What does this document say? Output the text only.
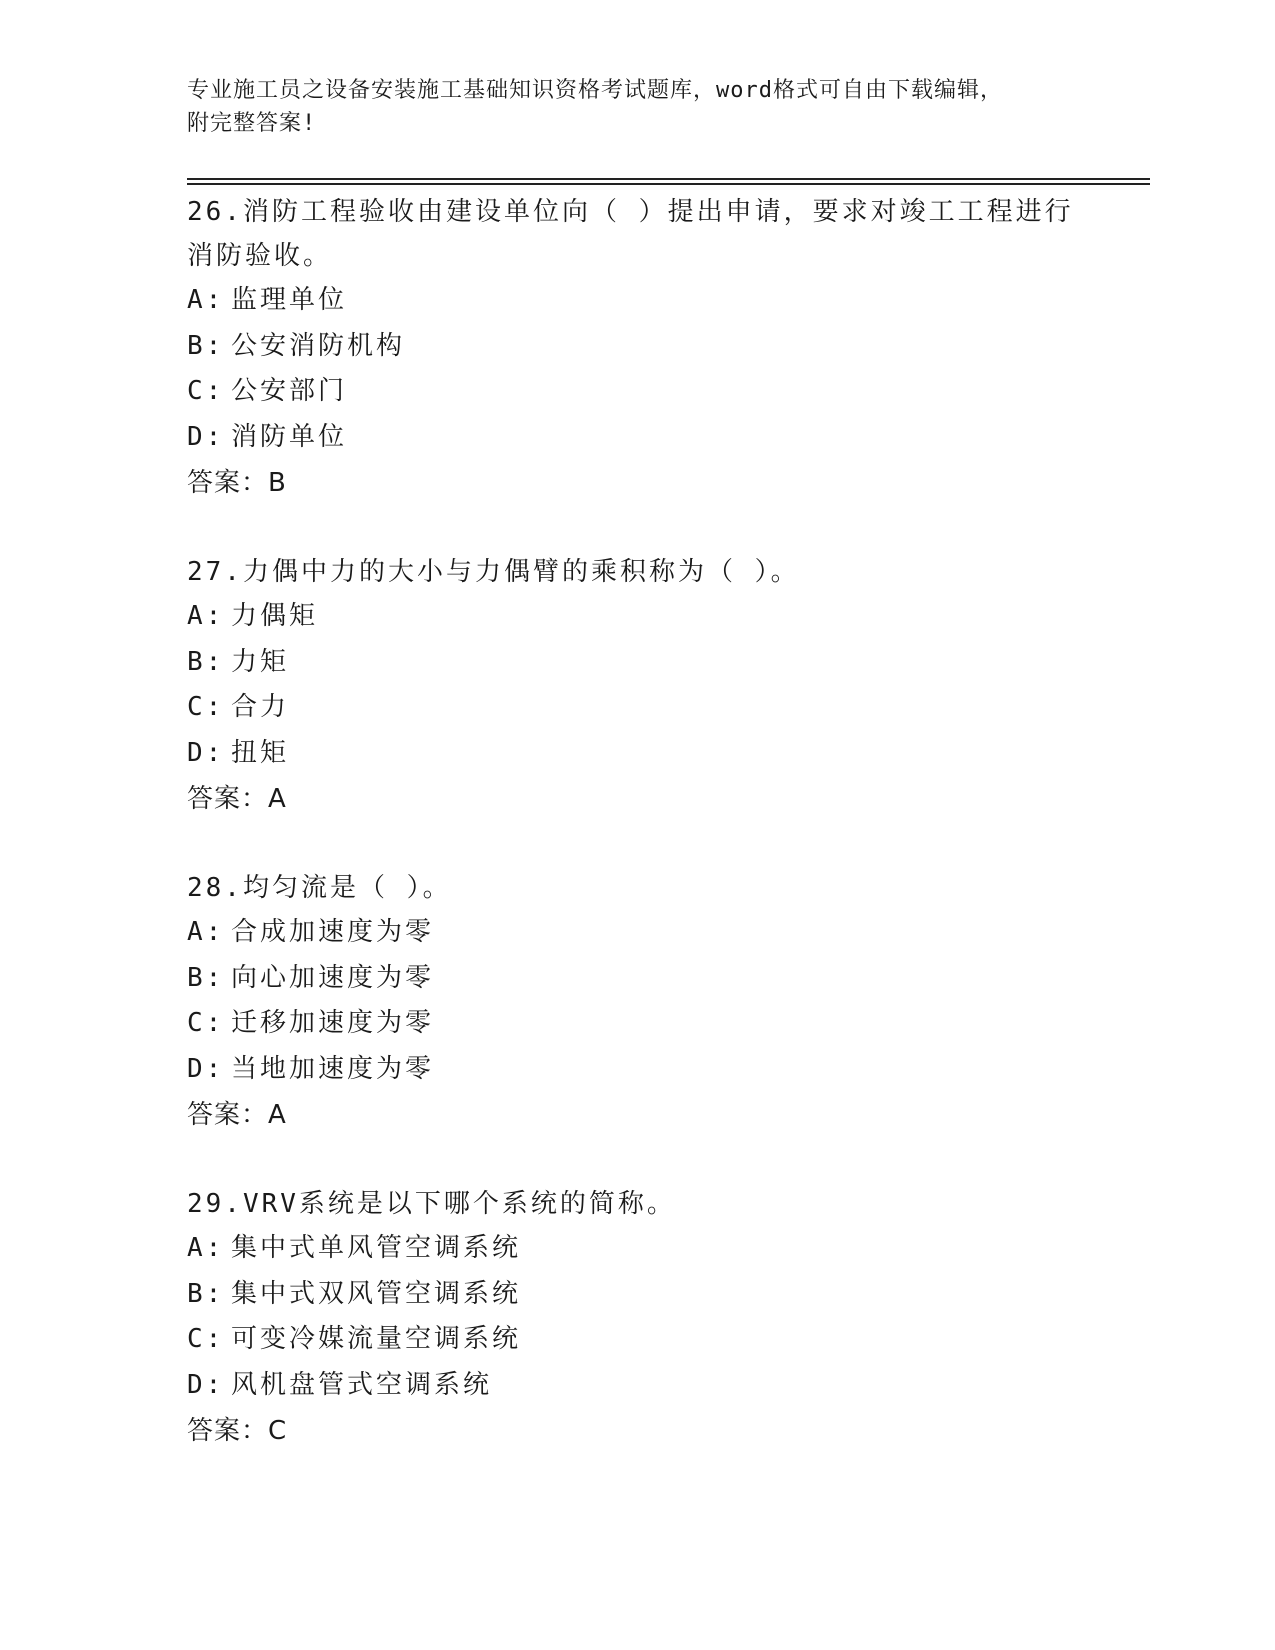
专业施工员之设备安装施工基础知识资格考试题库，word格式可自由下载编辑，
附完整答案!
26.消防工程验收由建设单位向（ ）提出申请，要求对竣工工程进行
消防验收。
A: 监理单位
B: 公安消防机构
C: 公安部门
D: 消防单位
答案：B
27.力偶中力的大小与力偶臂的乘积称为（ ）。
A: 力偶矩
B: 力矩
C: 合力
D: 扭矩
答案：A
28.均匀流是（ ）。
A: 合成加速度为零
B: 向心加速度为零
C: 迁移加速度为零
D: 当地加速度为零
答案：A
29.VRV系统是以下哪个系统的简称。
A: 集中式单风管空调系统
B: 集中式双风管空调系统
C: 可变冷媒流量空调系统
D: 风机盘管式空调系统
答案：C
